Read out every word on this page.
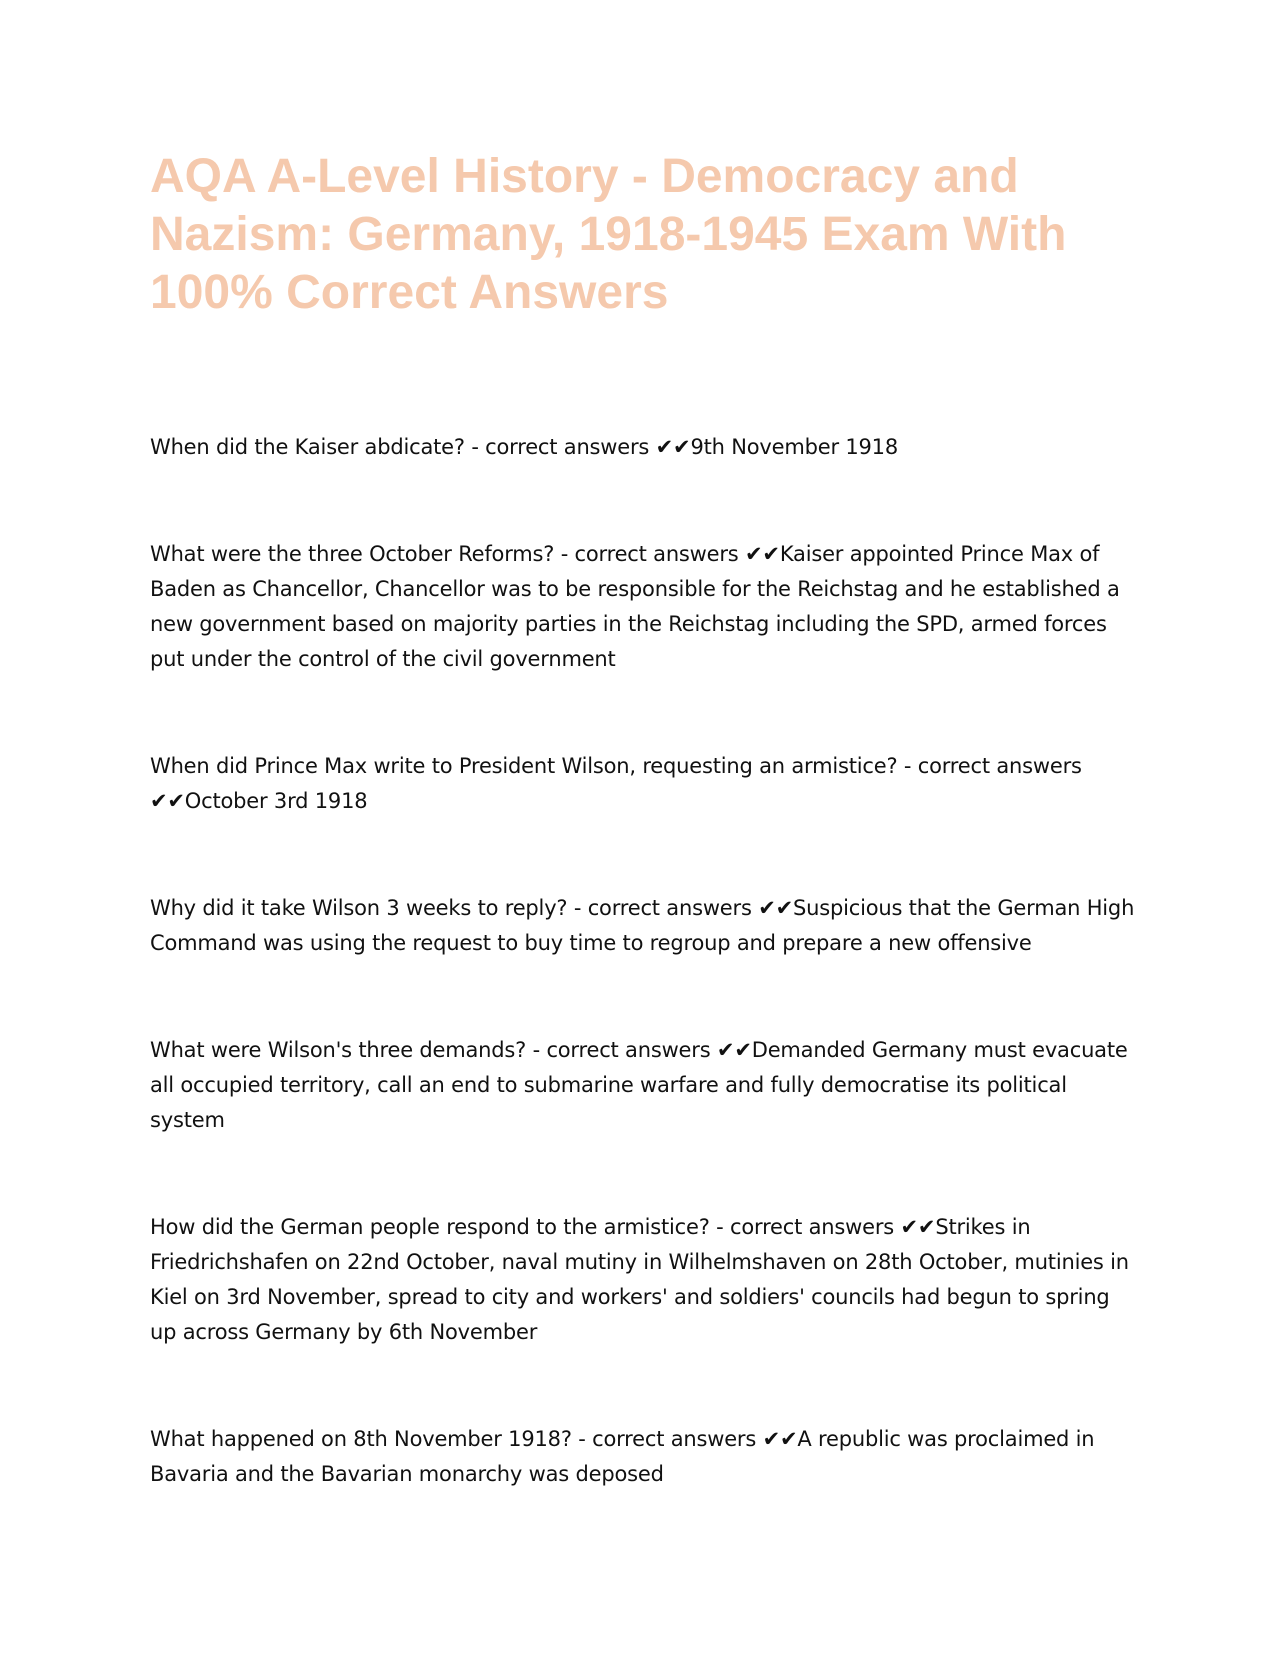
AQA A-Level History - Democracy and Nazism: Germany, 1918-1945 Exam With 100% Correct Answers

When did the Kaiser abdicate? - correct answers ✔✔9th November 1918

What were the three October Reforms? - correct answers ✔✔Kaiser appointed Prince Max of Baden as Chancellor, Chancellor was to be responsible for the Reichstag and he established a new government based on majority parties in the Reichstag including the SPD, armed forces put under the control of the civil government

When did Prince Max write to President Wilson, requesting an armistice? - correct answers ✔✔October 3rd 1918

Why did it take Wilson 3 weeks to reply? - correct answers ✔✔Suspicious that the German High Command was using the request to buy time to regroup and prepare a new offensive

What were Wilson's three demands? - correct answers ✔✔Demanded Germany must evacuate all occupied territory, call an end to submarine warfare and fully democratise its political system

How did the German people respond to the armistice? - correct answers ✔✔Strikes in Friedrichshafen on 22nd October, naval mutiny in Wilhelmshaven on 28th October, mutinies in Kiel on 3rd November, spread to city and workers' and soldiers' councils had begun to spring up across Germany by 6th November

What happened on 8th November 1918? - correct answers ✔✔A republic was proclaimed in Bavaria and the Bavarian monarchy was deposed
